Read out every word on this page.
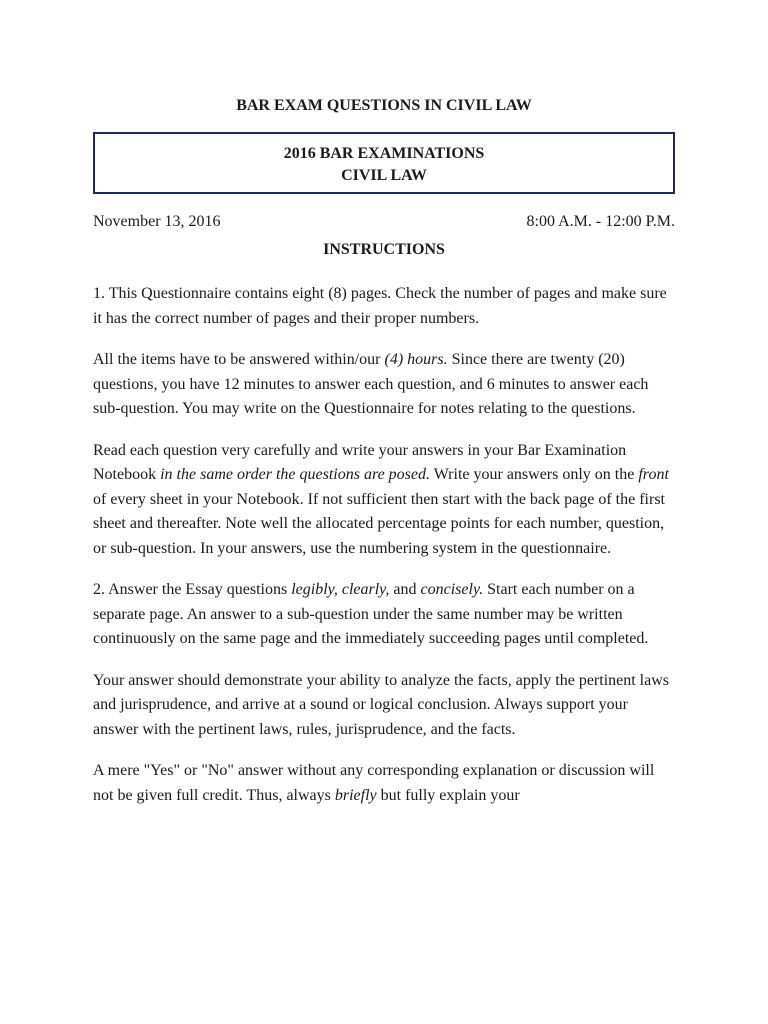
BAR EXAM QUESTIONS IN CIVIL LAW
2016 BAR EXAMINATIONS
CIVIL LAW
November 13, 2016	8:00 A.M. - 12:00 P.M.
INSTRUCTIONS

1. This Questionnaire contains eight (8) pages. Check the number of pages and make sure it has the correct number of pages and their proper numbers.

All the items have to be answered within/our (4) hours. Since there are twenty (20) questions, you have 12 minutes to answer each question, and 6 minutes to answer each sub-question. You may write on the Questionnaire for notes relating to the questions.

Read each question very carefully and write your answers in your Bar Examination Notebook in the same order the questions are posed. Write your answers only on the front of every sheet in your Notebook. If not sufficient then start with the back page of the first sheet and thereafter. Note well the allocated percentage points for each number, question, or sub-question. In your answers, use the numbering system in the questionnaire.

2. Answer the Essay questions legibly, clearly, and concisely. Start each number on a separate page. An answer to a sub-question under the same number may be written continuously on the same page and the immediately succeeding pages until completed.

Your answer should demonstrate your ability to analyze the facts, apply the pertinent laws and jurisprudence, and arrive at a sound or logical conclusion. Always support your answer with the pertinent laws, rules, jurisprudence, and the facts.

A mere "Yes" or "No" answer without any corresponding explanation or discussion will not be given full credit. Thus, always briefly but fully explain your
